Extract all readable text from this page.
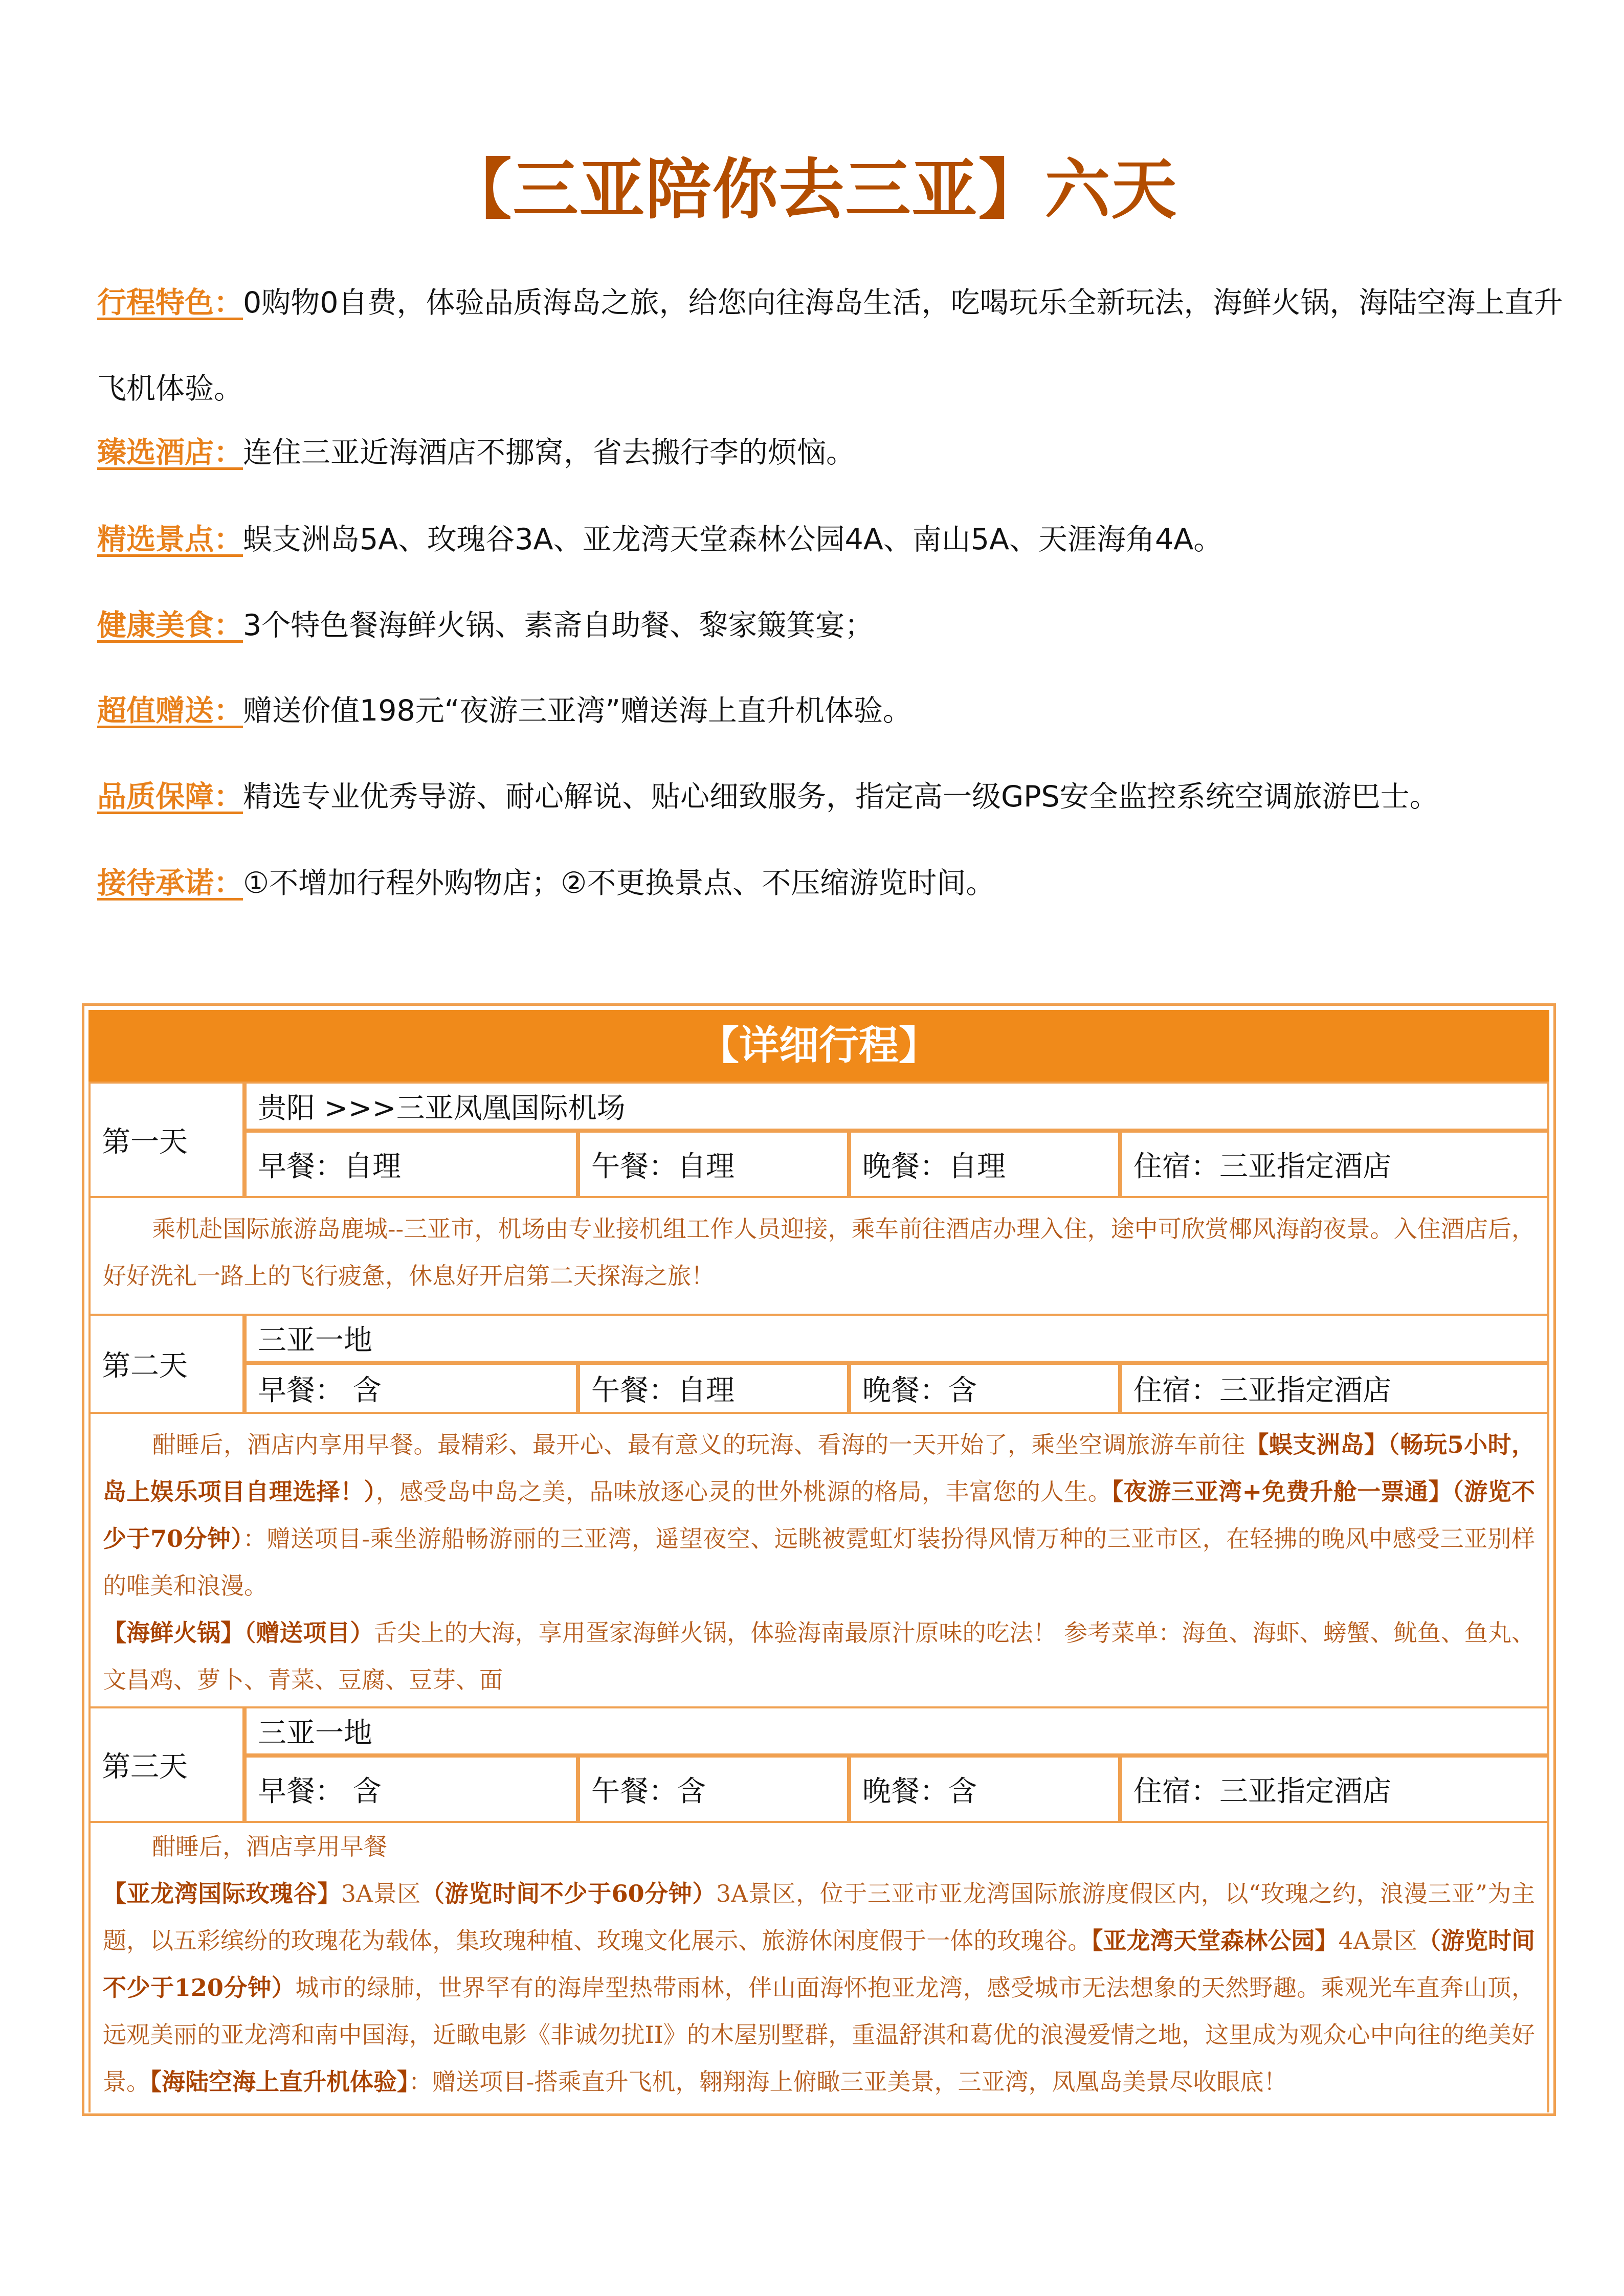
【三亚陪你去三亚】六天
行程特色：0购物0自费，体验品质海岛之旅，给您向往海岛生活，吃喝玩乐全新玩法，海鲜火锅，海陆空海上直升飞机体验。
臻选酒店：连住三亚近海酒店不挪窝，省去搬行李的烦恼。
精选景点：蜈支洲岛5A、玫瑰谷3A、亚龙湾天堂森林公园4A、南山5A、天涯海角4A。
健康美食：3个特色餐海鲜火锅、素斋自助餐、黎家簸箕宴；
超值赠送：赠送价值198元“夜游三亚湾”赠送海上直升机体验。
品质保障：精选专业优秀导游、耐心解说、贴心细致服务，指定高一级GPS安全监控系统空调旅游巴士。
接待承诺：①不增加行程外购物店；②不更换景点、不压缩游览时间。
【详细行程】
第一天
贵阳 >>>三亚凤凰国际机场
早餐：自理	午餐：自理	晚餐：自理	住宿：三亚指定酒店

乘机赴国际旅游岛鹿城--三亚市，机场由专业接机组工作人员迎接，乘车前往酒店办理入住，途中可欣赏椰风海韵夜景。入住酒店后，好好洗礼一路上的飞行疲惫，休息好开启第二天探海之旅！

第二天
三亚一地
早餐： 含	午餐：自理	晚餐：含	住宿：三亚指定酒店

酣睡后，酒店内享用早餐。最精彩、最开心、最有意义的玩海、看海的一天开始了，乘坐空调旅游车前往【蜈支洲岛】（畅玩5小时，岛上娱乐项目自理选择！），感受岛中岛之美，品味放逐心灵的世外桃源的格局，丰富您的人生。【夜游三亚湾+免费升舱一票通】（游览不少于70分钟）：赠送项目-乘坐游船畅游丽的三亚湾，遥望夜空、远眺被霓虹灯装扮得风情万种的三亚市区，在轻拂的晚风中感受三亚别样的唯美和浪漫。

【海鲜火锅】（赠送项目）舌尖上的大海，享用疍家海鲜火锅，体验海南最原汁原味的吃法！ 参考菜单：海鱼、海虾、螃蟹、鱿鱼、鱼丸、文昌鸡、萝卜、青菜、豆腐、豆芽、面

第三天
三亚一地
早餐： 含	午餐：含	晚餐：含	住宿：三亚指定酒店

酣睡后，酒店享用早餐

【亚龙湾国际玫瑰谷】3A景区（游览时间不少于60分钟）3A景区，位于三亚市亚龙湾国际旅游度假区内，以“玫瑰之约，浪漫三亚”为主题，以五彩缤纷的玫瑰花为载体，集玫瑰种植、玫瑰文化展示、旅游休闲度假于一体的玫瑰谷。【亚龙湾天堂森林公园】4A景区（游览时间不少于120分钟）城市的绿肺，世界罕有的海岸型热带雨林，伴山面海怀抱亚龙湾，感受城市无法想象的天然野趣。乘观光车直奔山顶，远观美丽的亚龙湾和南中国海，近瞰电影《非诚勿扰II》的木屋别墅群，重温舒淇和葛优的浪漫爱情之地，这里成为观众心中向往的绝美好景。【海陆空海上直升机体验】：赠送项目-搭乘直升飞机，翱翔海上俯瞰三亚美景，三亚湾，凤凰岛美景尽收眼底！
